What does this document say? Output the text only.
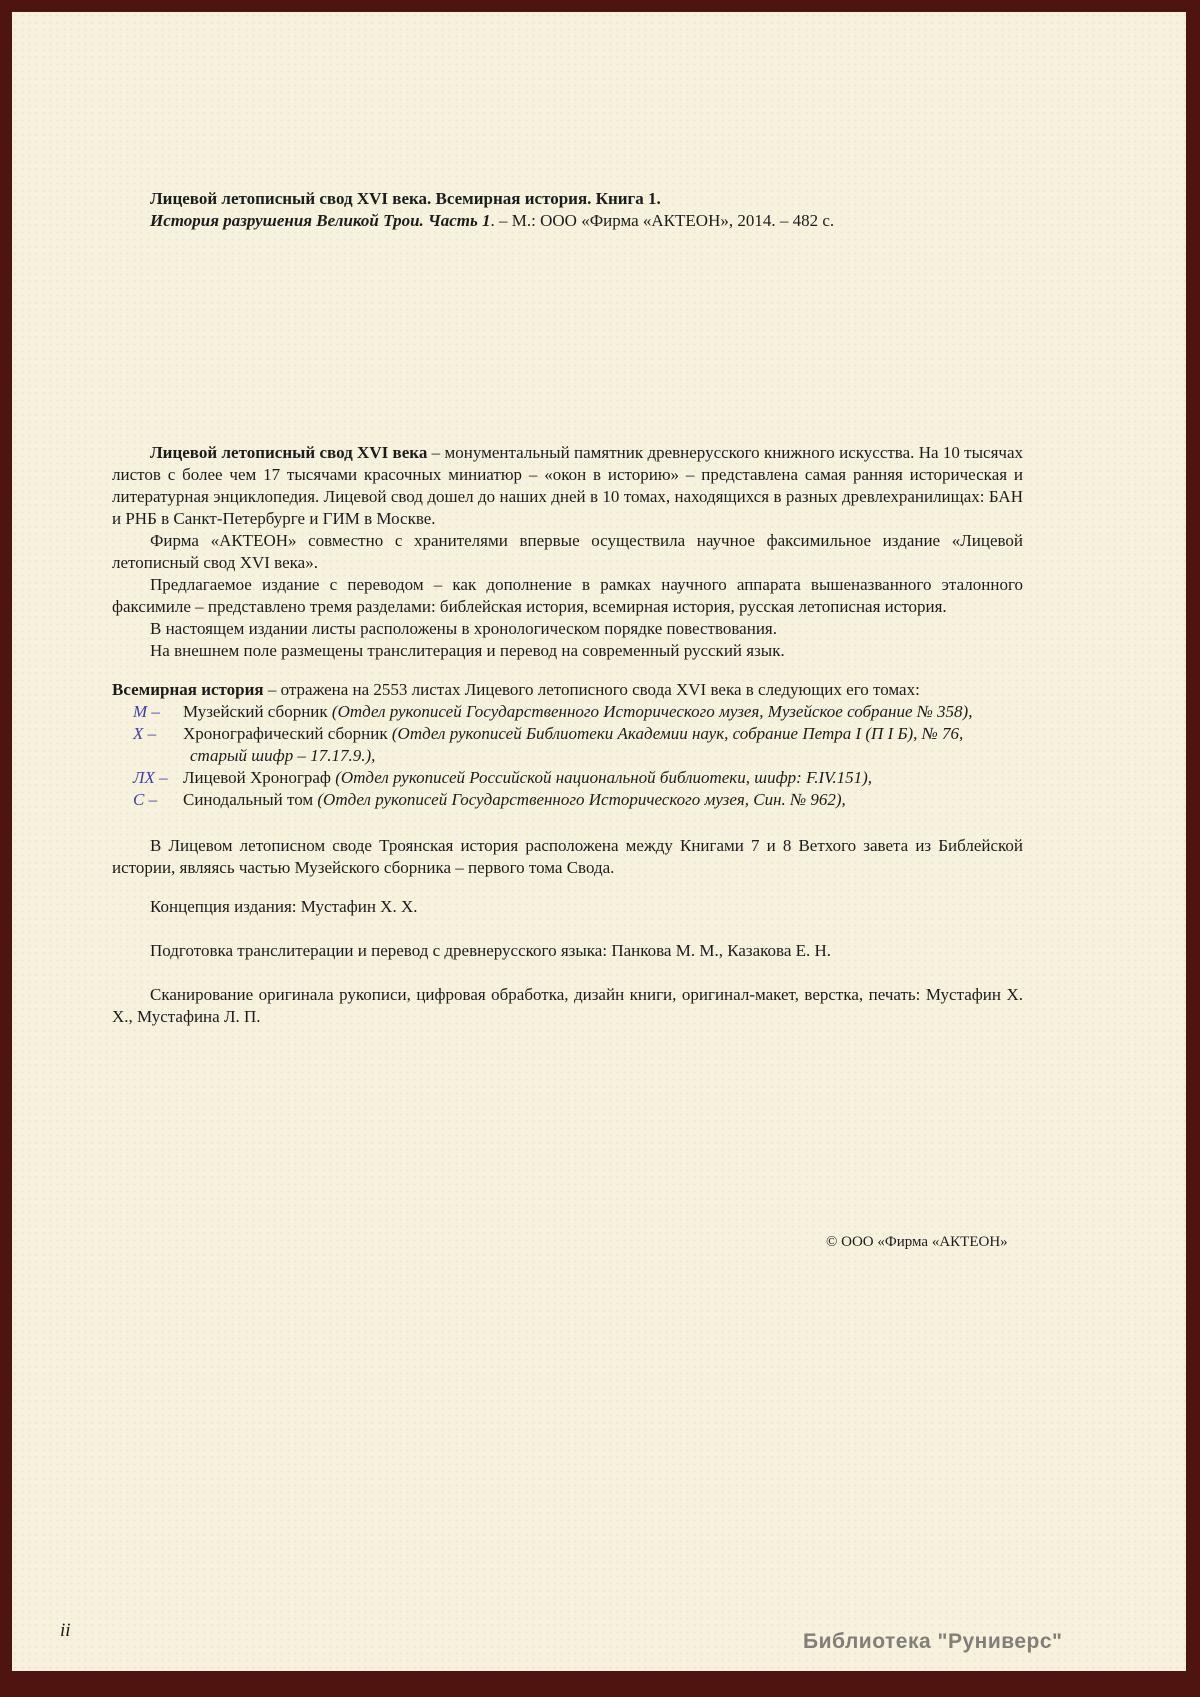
Лицевой летописный свод XVI века. Всемирная история. Книга 1.
История разрушения Великой Трои. Часть 1. – М.: ООО «Фирма «АКТЕОН», 2014. – 482 с.

Лицевой летописный свод XVI века – монументальный памятник древнерусского книжного искусства. На 10 тысячах листов с более чем 17 тысячами красочных миниатюр – «окон в историю» – представлена самая ранняя историческая и литературная энциклопедия. Лицевой свод дошел до наших дней в 10 томах, находящихся в разных древлехранилищах: БАН и РНБ в Санкт-Петербурге и ГИМ в Москве.

Фирма «АКТЕОН» совместно с хранителями впервые осуществила научное факсимильное издание «Лицевой летописный свод XVI века».

Предлагаемое издание с переводом – как дополнение в рамках научного аппарата вышеназванного эталонного факсимиле – представлено тремя разделами: библейская история, всемирная история, русская летописная история.

В настоящем издании листы расположены в хронологическом порядке повествования.

На внешнем поле размещены транслитерация и перевод на современный русский язык.

Всемирная история – отражена на 2553 листах Лицевого летописного свода XVI века в следующих его томах:

М –	Музейский сборник (Отдел рукописей Государственного Исторического музея, Музейское собрание № 358),
Х –	Хронографический сборник (Отдел рукописей Библиотеки Академии наук, собрание Петра I (П I Б), № 76,
старый шифр – 17.17.9.),
ЛХ – Лицевой Хронограф (Отдел рукописей Российской национальной библиотеки, шифр: F.IV.151),
С –	Синодальный том (Отдел рукописей Государственного Исторического музея, Син. № 962),

В Лицевом летописном своде Троянская история расположена между Книгами 7 и 8 Ветхого завета из Библейской истории, являясь частью Музейского сборника – первого тома Свода.

Концепция издания: Мустафин Х. Х.

Подготовка транслитерации и перевод с древнерусского языка: Панкова М. М., Казакова Е. Н.

Сканирование оригинала рукописи, цифровая обработка, дизайн книги, оригинал-макет, верстка, печать: Мустафин Х. Х., Мустафина Л. П.

© ООО «Фирма «АКТЕОН»
ii	Библиотека "Руниверс"
